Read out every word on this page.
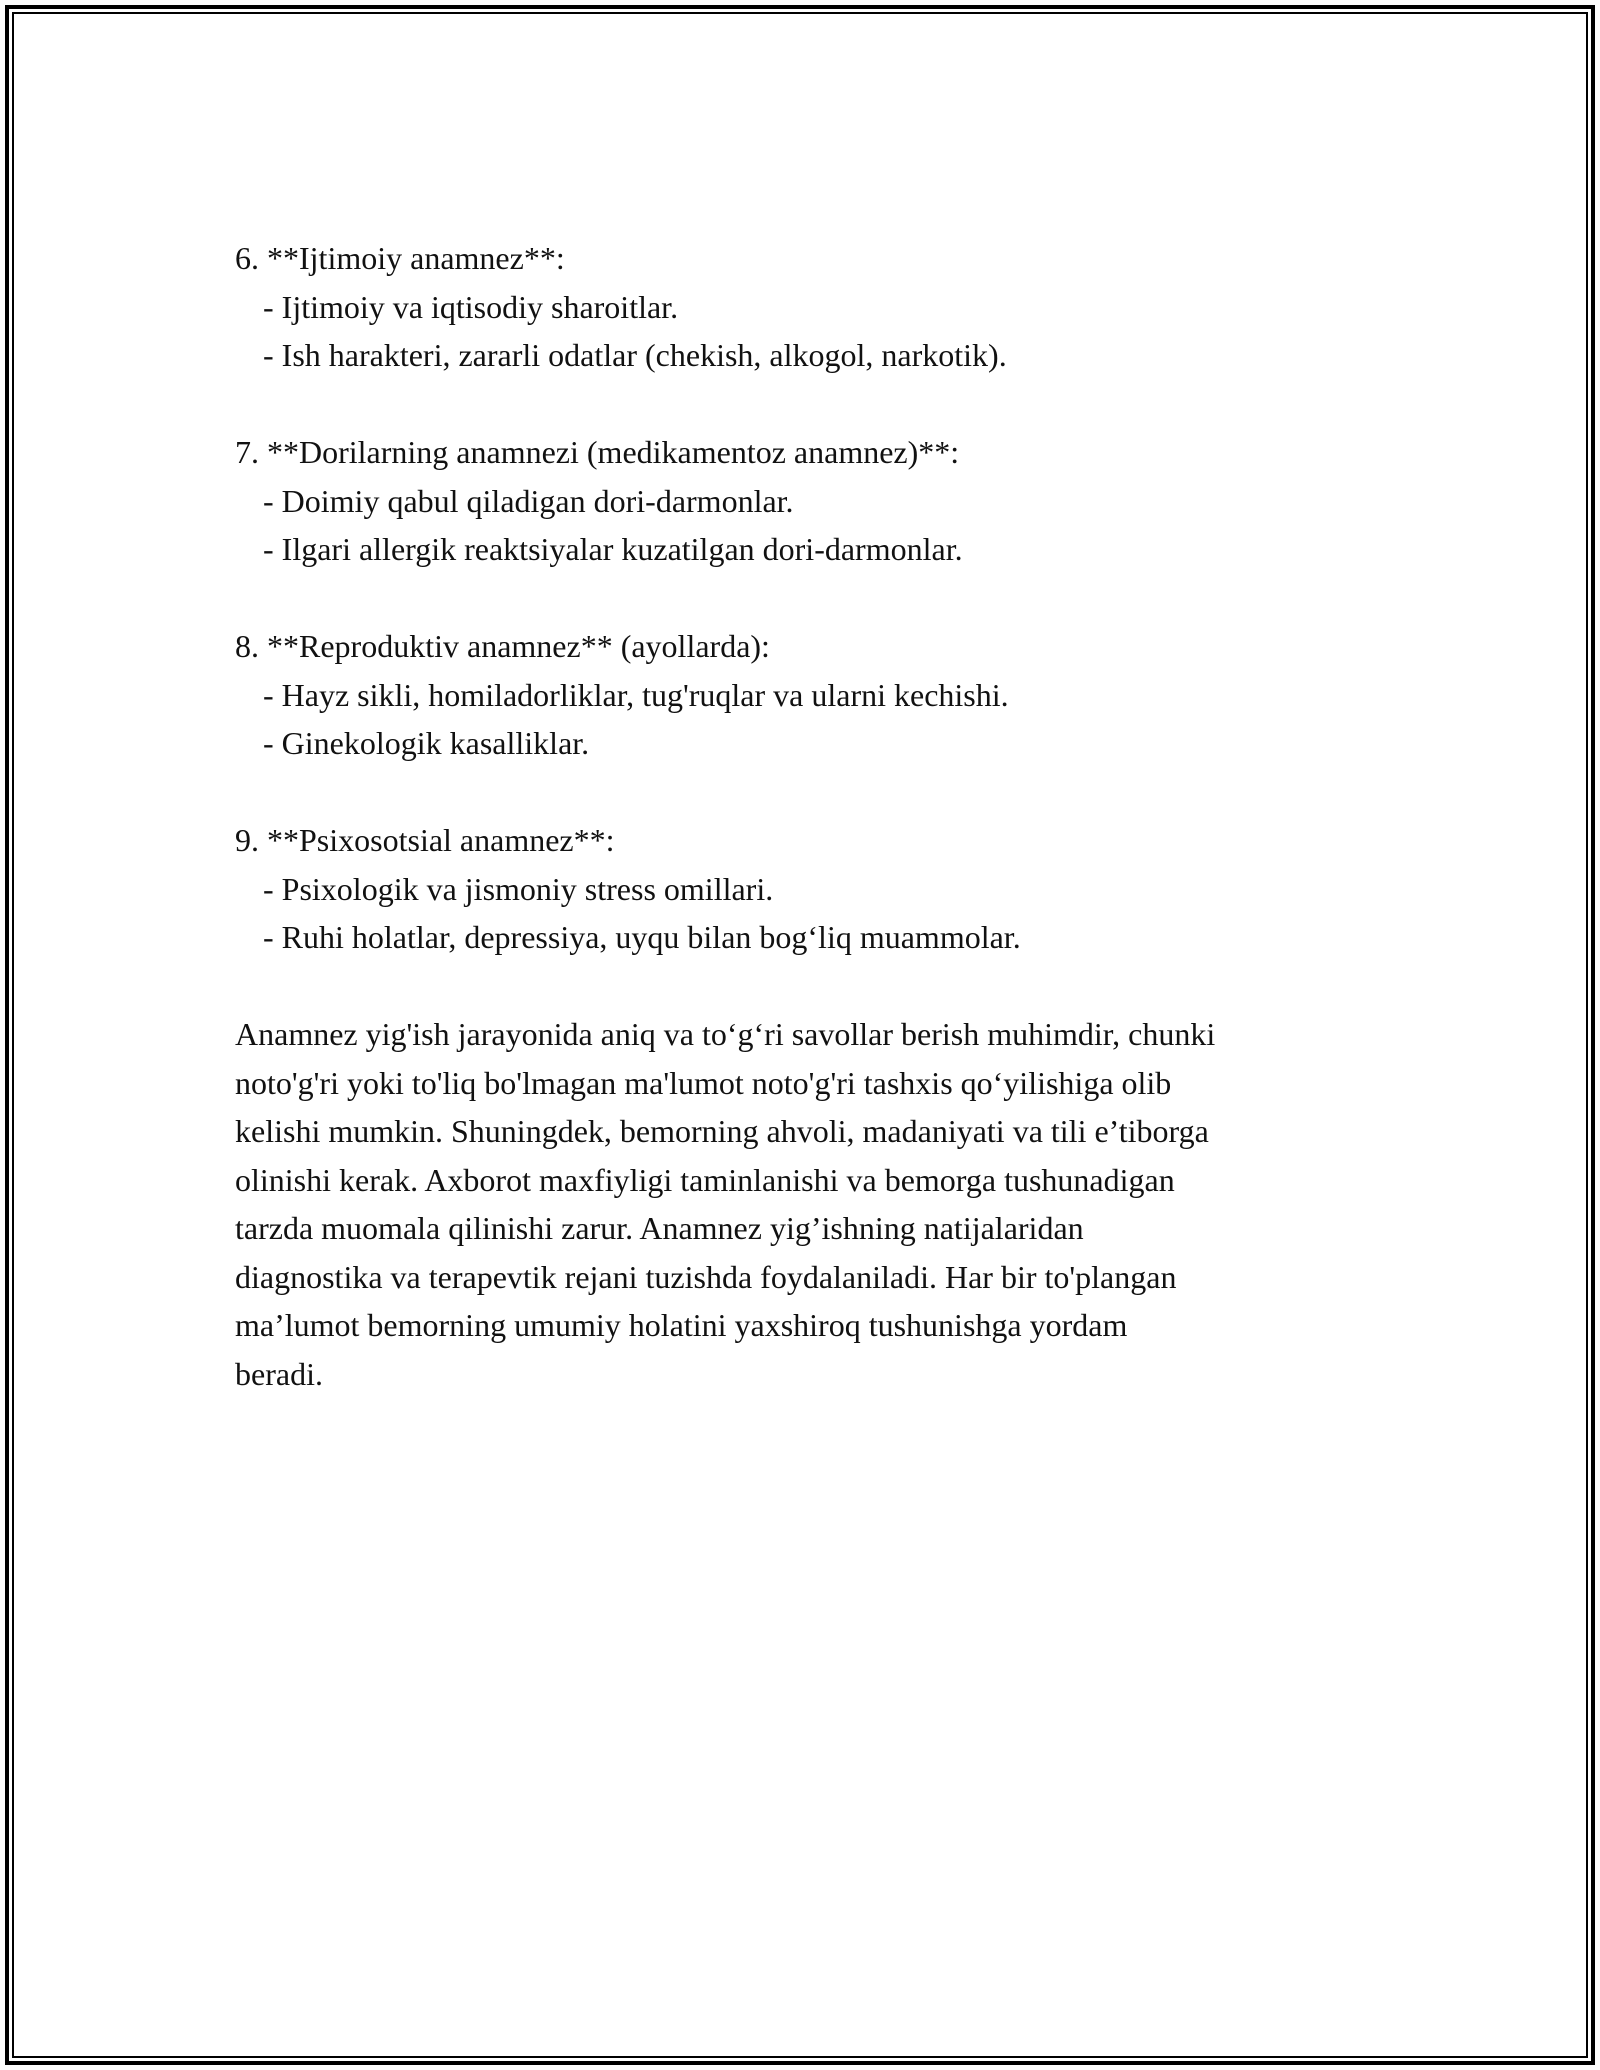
6. **Ijtimoiy anamnez**:
- Ijtimoiy va iqtisodiy sharoitlar.
- Ish harakteri, zararli odatlar (chekish, alkogol, narkotik).
7. **Dorilarning anamnezi (medikamentoz anamnez)**:
- Doimiy qabul qiladigan dori-darmonlar.
- Ilgari allergik reaktsiyalar kuzatilgan dori-darmonlar.
8. **Reproduktiv anamnez** (ayollarda):
- Hayz sikli, homiladorliklar, tug'ruqlar va ularni kechishi.
- Ginekologik kasalliklar.
9. **Psixosotsial anamnez**:
- Psixologik va jismoniy stress omillari.
- Ruhi holatlar, depressiya, uyqu bilan bog‘liq muammolar.
Anamnez yig'ish jarayonida aniq va to‘g‘ri savollar berish muhimdir, chunki
noto'g'ri yoki to'liq bo'lmagan ma'lumot noto'g'ri tashxis qo‘yilishiga olib
kelishi mumkin. Shuningdek, bemorning ahvoli, madaniyati va tili e’tiborga
olinishi kerak. Axborot maxfiyligi taminlanishi va bemorga tushunadigan
tarzda muomala qilinishi zarur. Anamnez yig’ishning natijalaridan
diagnostika va terapevtik rejani tuzishda foydalaniladi. Har bir to'plangan
ma’lumot bemorning umumiy holatini yaxshiroq tushunishga yordam
beradi.
